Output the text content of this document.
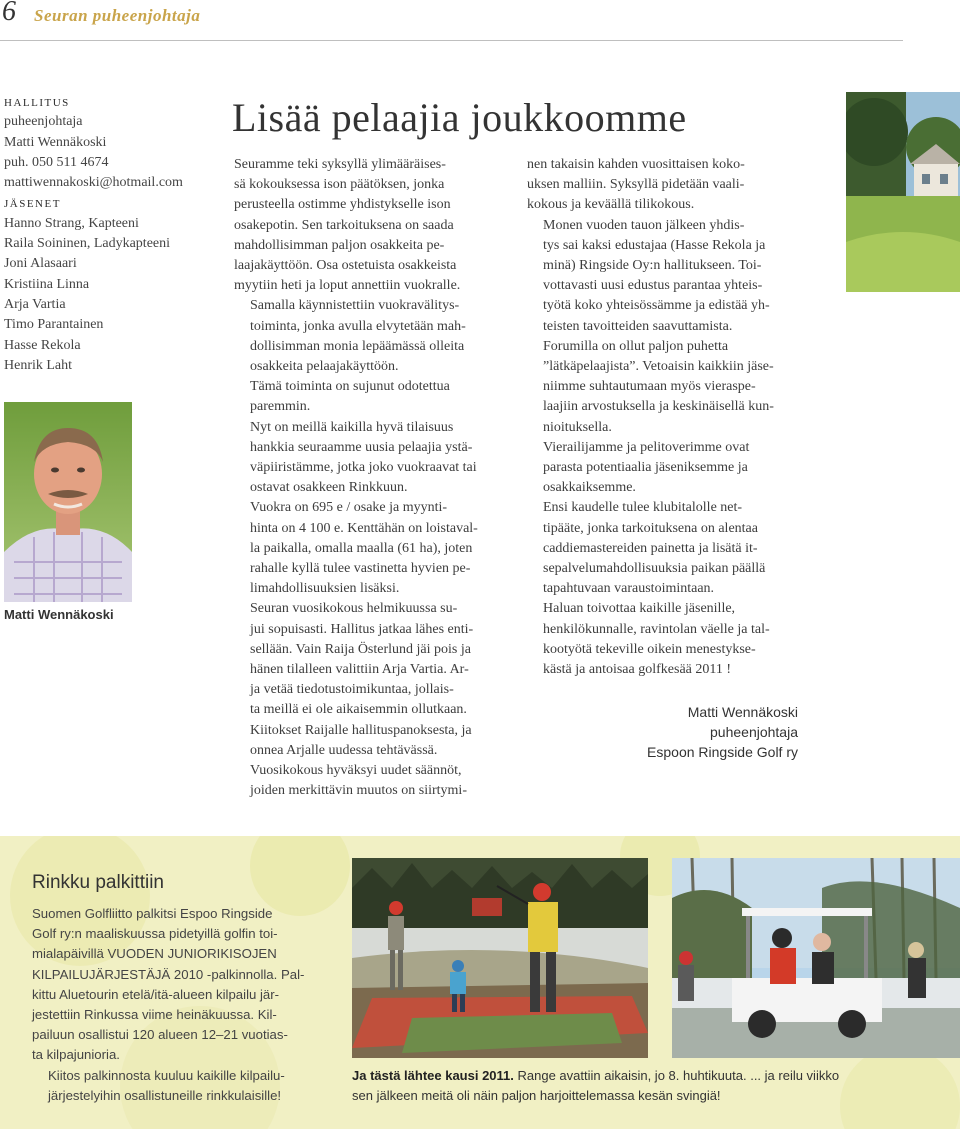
6 Seuran puheenjohtaja
hallitus
puheenjohtaja
Matti Wennäkoski
puh. 050 511 4674
mattiwennakoski@hotmail.com
jäsenet
Hanno Strang, Kapteeni
Raila Soininen, Ladykapteeni
Joni Alasaari
Kristiina Linna
Arja Vartia
Timo Parantainen
Hasse Rekola
Henrik Laht
Matti Wennäkoski
Lisää pelaajia joukkoomme

Seuramme teki syksyllä ylimääräises-
sä kokouksessa ison päätöksen, jonka
perusteella ostimme yhdistykselle ison
osakepotin. Sen tarkoituksena on saada
mahdollisimman paljon osakkeita pe-
laajakäyttöön. Osa ostetuista osakkeista
myytiin heti ja loput annettiin vuokralle.

Samalla käynnistettiin vuokravälitys-
toiminta, jonka avulla elvytetään mah-
dollisimman monia lepäämässä olleita
osakkeita pelaajakäyttöön.

Tämä toiminta on sujunut odotettua
paremmin.

Nyt on meillä kaikilla hyvä tilaisuus
hankkia seuraamme uusia pelaajia ystä-
väpiiristämme, jotka joko vuokraavat tai
ostavat osakkeen Rinkkuun.

Vuokra on 695 e / osake ja myynti-
hinta on 4 100 e. Kenttähän on loistaval-
la paikalla, omalla maalla (61 ha), joten
rahalle kyllä tulee vastinetta hyvien pe-
limahdollisuuksien lisäksi.

Seuran vuosikokous helmikuussa su-
jui sopuisasti. Hallitus jatkaa lähes enti-
sellään. Vain Raija Österlund jäi pois ja
hänen tilalleen valittiin Arja Vartia. Ar-
ja vetää tiedotustoimikuntaa, jollais-
ta meillä ei ole aikaisemmin ollutkaan.
Kiitokset Raijalle hallituspanoksesta, ja
onnea Arjalle uudessa tehtävässä.

Vuosikokous hyväksyi uudet säännöt,
joiden merkittävin muutos on siirtymi-

nen takaisin kahden vuosittaisen koko-
uksen malliin. Syksyllä pidetään vaali-
kokous ja keväällä tilikokous.

Monen vuoden tauon jälkeen yhdis-
tys sai kaksi edustajaa (Hasse Rekola ja
minä) Ringside Oy:n hallitukseen. Toi-
vottavasti uusi edustus parantaa yhteis-
työtä koko yhteisössämme ja edistää yh-
teisten tavoitteiden saavuttamista.

Forumilla on ollut paljon puhetta
”lätkäpelaajista”. Vetoaisin kaikkiin jäse-
niimme suhtautumaan myös vieraspe-
laajiin arvostuksella ja keskinäisellä kun-
nioituksella.

Vierailijamme ja pelitoverimme ovat
parasta potentiaalia jäseniksemme ja
osakkaiksemme.

Ensi kaudelle tulee klubitalolle net-
tipääte, jonka tarkoituksena on alentaa
caddiemastereiden painetta ja lisätä it-
sepalvelumahdollisuuksia paikan päällä
tapahtuvaan varaustoimintaan.

Haluan toivottaa kaikille jäsenille,
henkilökunnalle, ravintolan väelle ja tal-
kootyötä tekeville oikein menestykse-
kästä ja antoisaa golfkesää 2011 !

Matti Wennäkoski
puheenjohtaja
Espoon Ringside Golf ry
Rinkku palkittiin

Suomen Golfliitto palkitsi Espoo Ringside
Golf ry:n maaliskuussa pidetyillä golfin toi-
mialapäivillä VUODEN JUNIORIKISOJEN
KILPAILUJÄRJESTÄJÄ 2010 -palkinnolla. Pal-
kittu Aluetourin etelä/itä-alueen kilpailu jär-
jestettiin Rinkussa viime heinäkuussa. Kil-
pailuun osallistui 120 alueen 12–21 vuotias-
ta kilpajunioria.

Kiitos palkinnosta kuuluu kaikille kilpailu-
järjestelyihin osallistuneille rinkkulaisille!

Ja tästä lähtee kausi 2011. Range avattiin aikaisin, jo 8. huhtikuuta. ... ja reilu viikko
sen jälkeen meitä oli näin paljon harjoittelemassa kesän svingiä!
